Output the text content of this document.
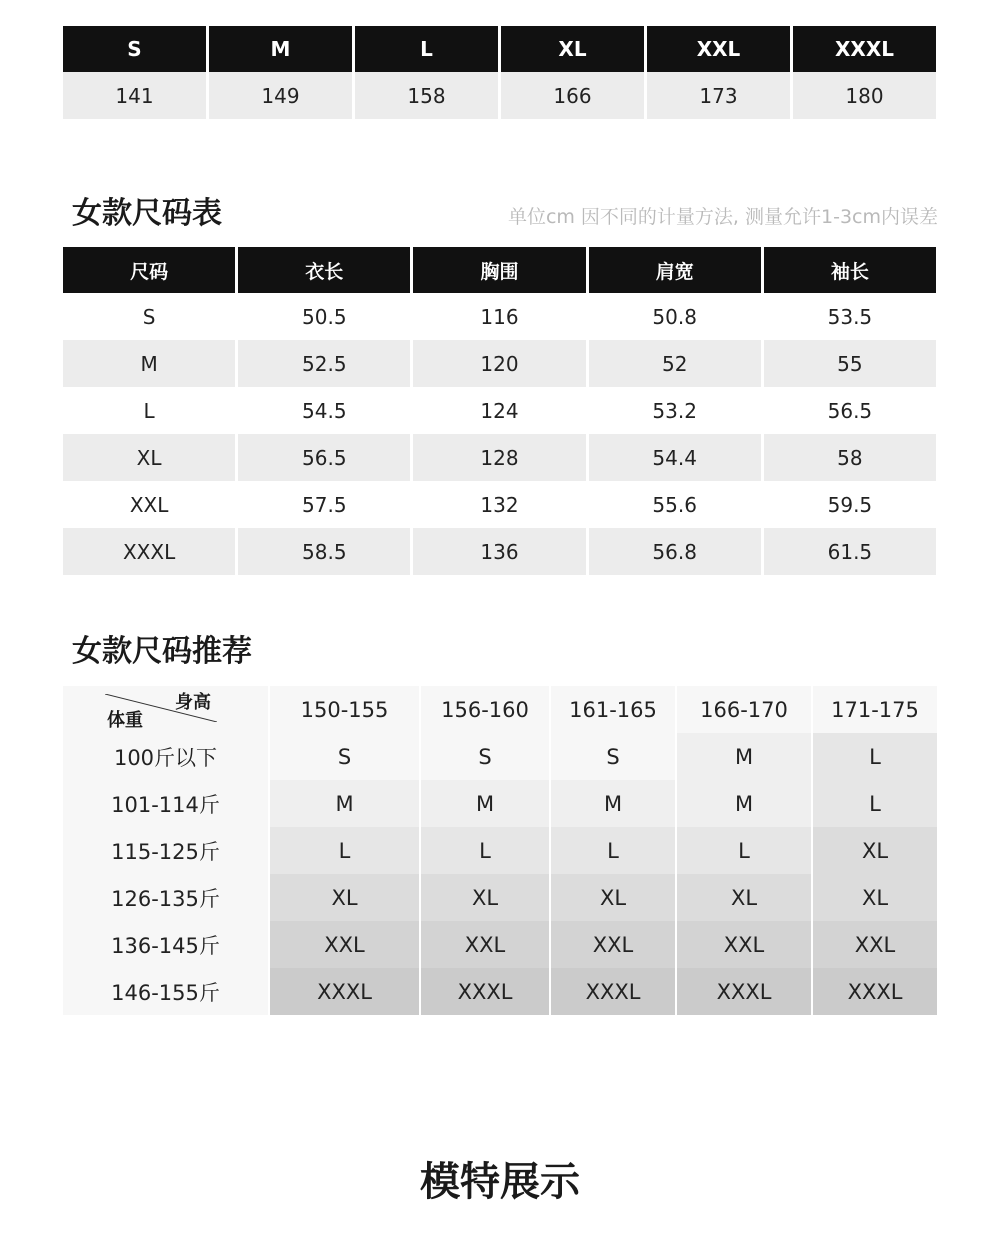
S	M	L	XL	XXL	XXXL
141	149	158	166	173	180
女款尺码表	单位cm 因不同的计量方法, 测量允许1-3cm内误差
尺码	衣长	胸围	肩宽	袖长
S	50.5	116	50.8	53.5
M	52.5	120	52	55
L	54.5	124	53.2	56.5
XL	56.5	128	54.4	58
XXL	57.5	132	55.6	59.5
XXXL	58.5	136	56.8	61.5
女款尺码推荐
身高
体重	150-155	156-160	161-165	166-170	171-175
100斤以下	S	S	S	M	L
101-114斤	M	M	M	M	L
115-125斤	L	L	L	L	XL
126-135斤	XL	XL	XL	XL	XL
136-145斤	XXL	XXL	XXL	XXL	XXL
146-155斤	XXXL	XXXL	XXXL	XXXL	XXXL
模特展示
